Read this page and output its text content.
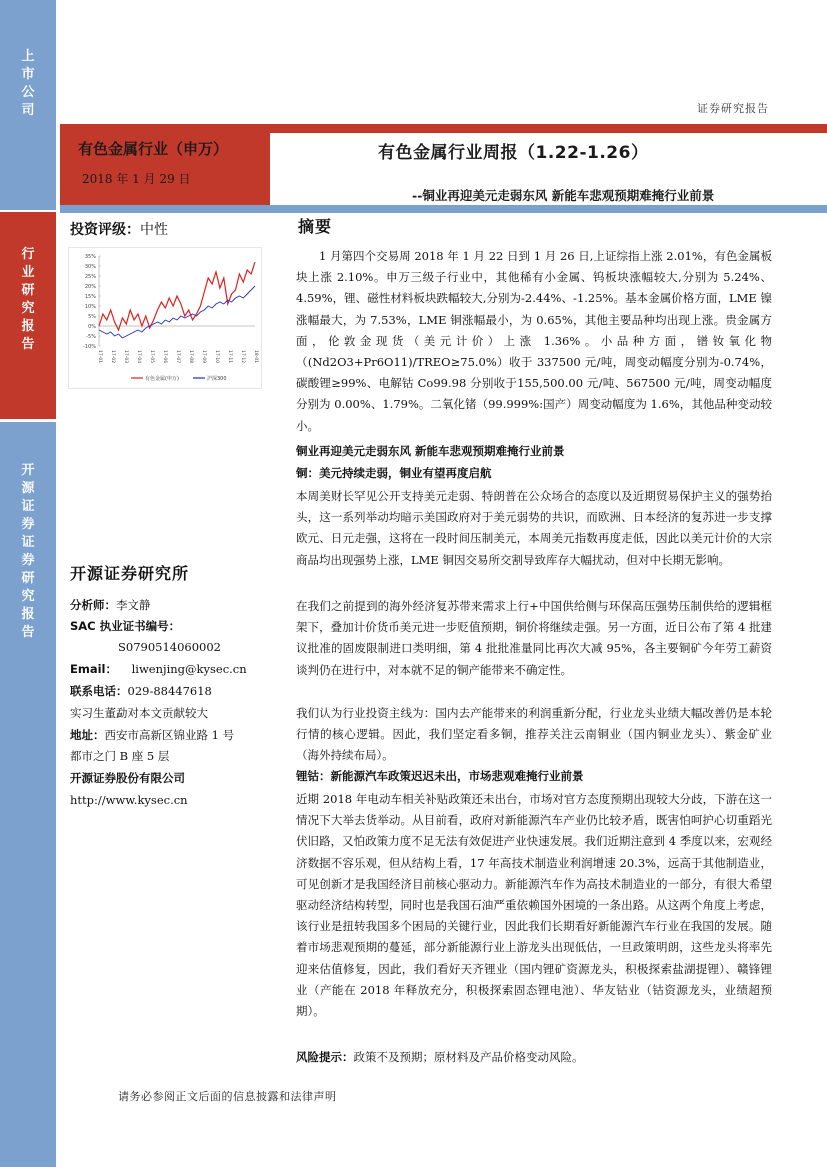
上市公司
行业研究报告
开源证券证券研究报告
证券研究报告
有色金属行业（申万）
2018 年 1 月 29 日
有色金属行业周报（1.22-1.26）
--铜业再迎美元走弱东风 新能车悲观预期难掩行业前景
投资评级：中性
35%
30%
25%
20%
15%
10%
5%
0%
-5%
-10%
17-01 17-02 17-03 17-04 17-05 17-06 17-07 17-08 17-09 17-10 17-11 17-12 18-01
有色金属(申万)	沪深300
开源证券研究所
分析师：李文静
SAC 执业证书编号：
S0790514060002
Email： liwenjing@kysec.cn
联系电话：029-88447618
实习生董勐对本文贡献较大
地址：西安市高新区锦业路 1 号
都市之门 B 座 5 层
开源证券股份有限公司
http://www.kysec.cn
摘要
1 月第四个交易周 2018 年 1 月 22 日到 1 月 26 日,上证综指上涨 2.01%，有色金属板块上涨 2.10%。申万三级子行业中，其他稀有小金属、钨板块涨幅较大,分别为 5.24%、4.59%，锂、磁性材料板块跌幅较大,分别为-2.44%、-1.25%。基本金属价格方面，LME 镍涨幅最大，为 7.53%，LME 铜涨幅最小，为 0.65%，其他主要品种均出现上涨。贵金属方面，伦敦金现货（美元计价）上涨 1.36%。小品种方面，镨钕氧化物（(Nd2O3+Pr6O11)/TREO≥75.0%）收于 337500 元/吨，周变动幅度分别为-0.74%，碳酸锂≥99%、电解钴 Co99.98 分别收于155,500.00 元/吨、567500 元/吨，周变动幅度分别为 0.00%、1.79%。二氧化锗（99.999%:国产）周变动幅度为 1.6%，其他品种变动较小。
铜业再迎美元走弱东风 新能车悲观预期难掩行业前景
铜：美元持续走弱，铜业有望再度启航
本周美财长罕见公开支持美元走弱、特朗普在公众场合的态度以及近期贸易保护主义的强势抬头，这一系列举动均暗示美国政府对于美元弱势的共识，而欧洲、日本经济的复苏进一步支撑欧元、日元走强，这将在一段时间压制美元，本周美元指数再度走低，因此以美元计价的大宗商品均出现强势上涨，LME 铜因交易所交割导致库存大幅扰动，但对中长期无影响。
在我们之前提到的海外经济复苏带来需求上行+中国供给侧与环保高压强势压制供给的逻辑框架下，叠加计价货币美元进一步贬值预期，铜价将继续走强。另一方面，近日公布了第 4 批建议批准的固废限制进口类明细，第 4 批批准量同比再次大减 95%，各主要铜矿今年劳工薪资谈判仍在进行中，对本就不足的铜产能带来不确定性。
我们认为行业投资主线为：国内去产能带来的利润重新分配，行业龙头业绩大幅改善仍是本轮行情的核心逻辑。因此，我们坚定看多铜，推荐关注云南铜业（国内铜业龙头）、紫金矿业（海外持续布局）。
锂钴：新能源汽车政策迟迟未出，市场悲观难掩行业前景
近期 2018 年电动车相关补贴政策还未出台，市场对官方态度预期出现较大分歧，下游在这一情况下大举去货举动。从目前看，政府对新能源汽车产业仍比较矛盾，既害怕呵护心切重蹈光伏旧路，又怕政策力度不足无法有效促进产业快速发展。我们近期注意到 4 季度以来，宏观经济数据不容乐观，但从结构上看，17 年高技术制造业利润增速 20.3%，远高于其他制造业，可见创新才是我国经济目前核心驱动力。新能源汽车作为高技术制造业的一部分，有很大希望驱动经济结构转型，同时也是我国石油严重依赖国外困境的一条出路。从这两个角度上考虑，该行业是扭转我国多个困局的关键行业，因此我们长期看好新能源汽车行业在我国的发展。随着市场悲观预期的蔓延，部分新能源行业上游龙头出现低估，一旦政策明朗，这些龙头将率先迎来估值修复，因此，我们看好天齐锂业（国内锂矿资源龙头，积极探索盐湖提锂）、赣锋锂业（产能在 2018 年释放充分，积极探索固态锂电池）、华友钴业（钴资源龙头，业绩超预期）。
风险提示：政策不及预期；原材料及产品价格变动风险。
请务必参阅正文后面的信息披露和法律声明
